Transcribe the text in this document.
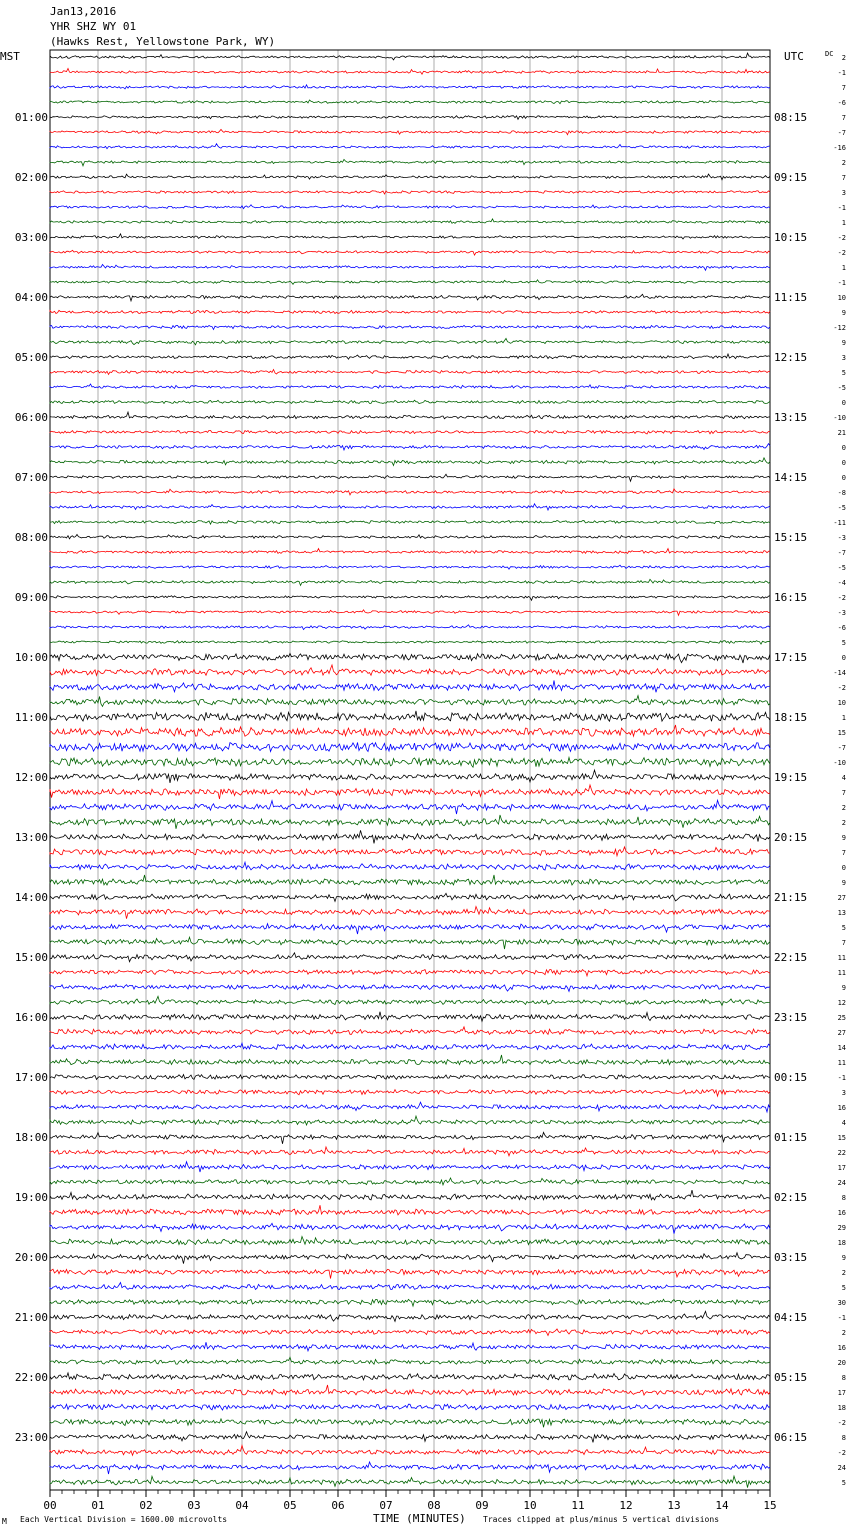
Jan13,2016
YHR SHZ WY 01
(Hawks Rest, Yellowstone Park, WY)
00	01	02	03	04	05	06	07	08	09	10	11	12	13	14	15
2
-1
7
-6
7
01:00	08:15
-7
-16
2
7
02:00	09:15
3
-1
1
-2
03:00	10:15
-2
1
-1
10
04:00	11:15
9
-12
9
3
05:00	12:15
5
-5
0
-10
06:00	13:15
21
0
0
0
07:00	14:15
-8
-5
-11
-3
08:00	15:15
-7
-5
-4
-2
09:00	16:15
-3
-6
5
0
10:00	17:15
-14
-2
10
1
11:00	18:15
15
-7
-10
4
12:00	19:15
7
2
2
9
13:00	20:15
7
0
9
27
14:00	21:15
13
5
7
11
15:00	22:15
11
9
12
25
16:00	23:15
27
14
11
-1
17:00	00:15
3
16
4
15
18:00	01:15
22
17
24
8
19:00	02:15
16
29
18
9
20:00	03:15
2
5
30
-1
21:00	04:15
2
16
20
8
22:00	05:15
17
18
-2
8
23:00	06:15
-2
24
5
MST	UTC	DC
M Each Vertical Division = 1600.00 microvolts	TIME (MINUTES) Traces clipped at plus/minus 5 vertical divisions
